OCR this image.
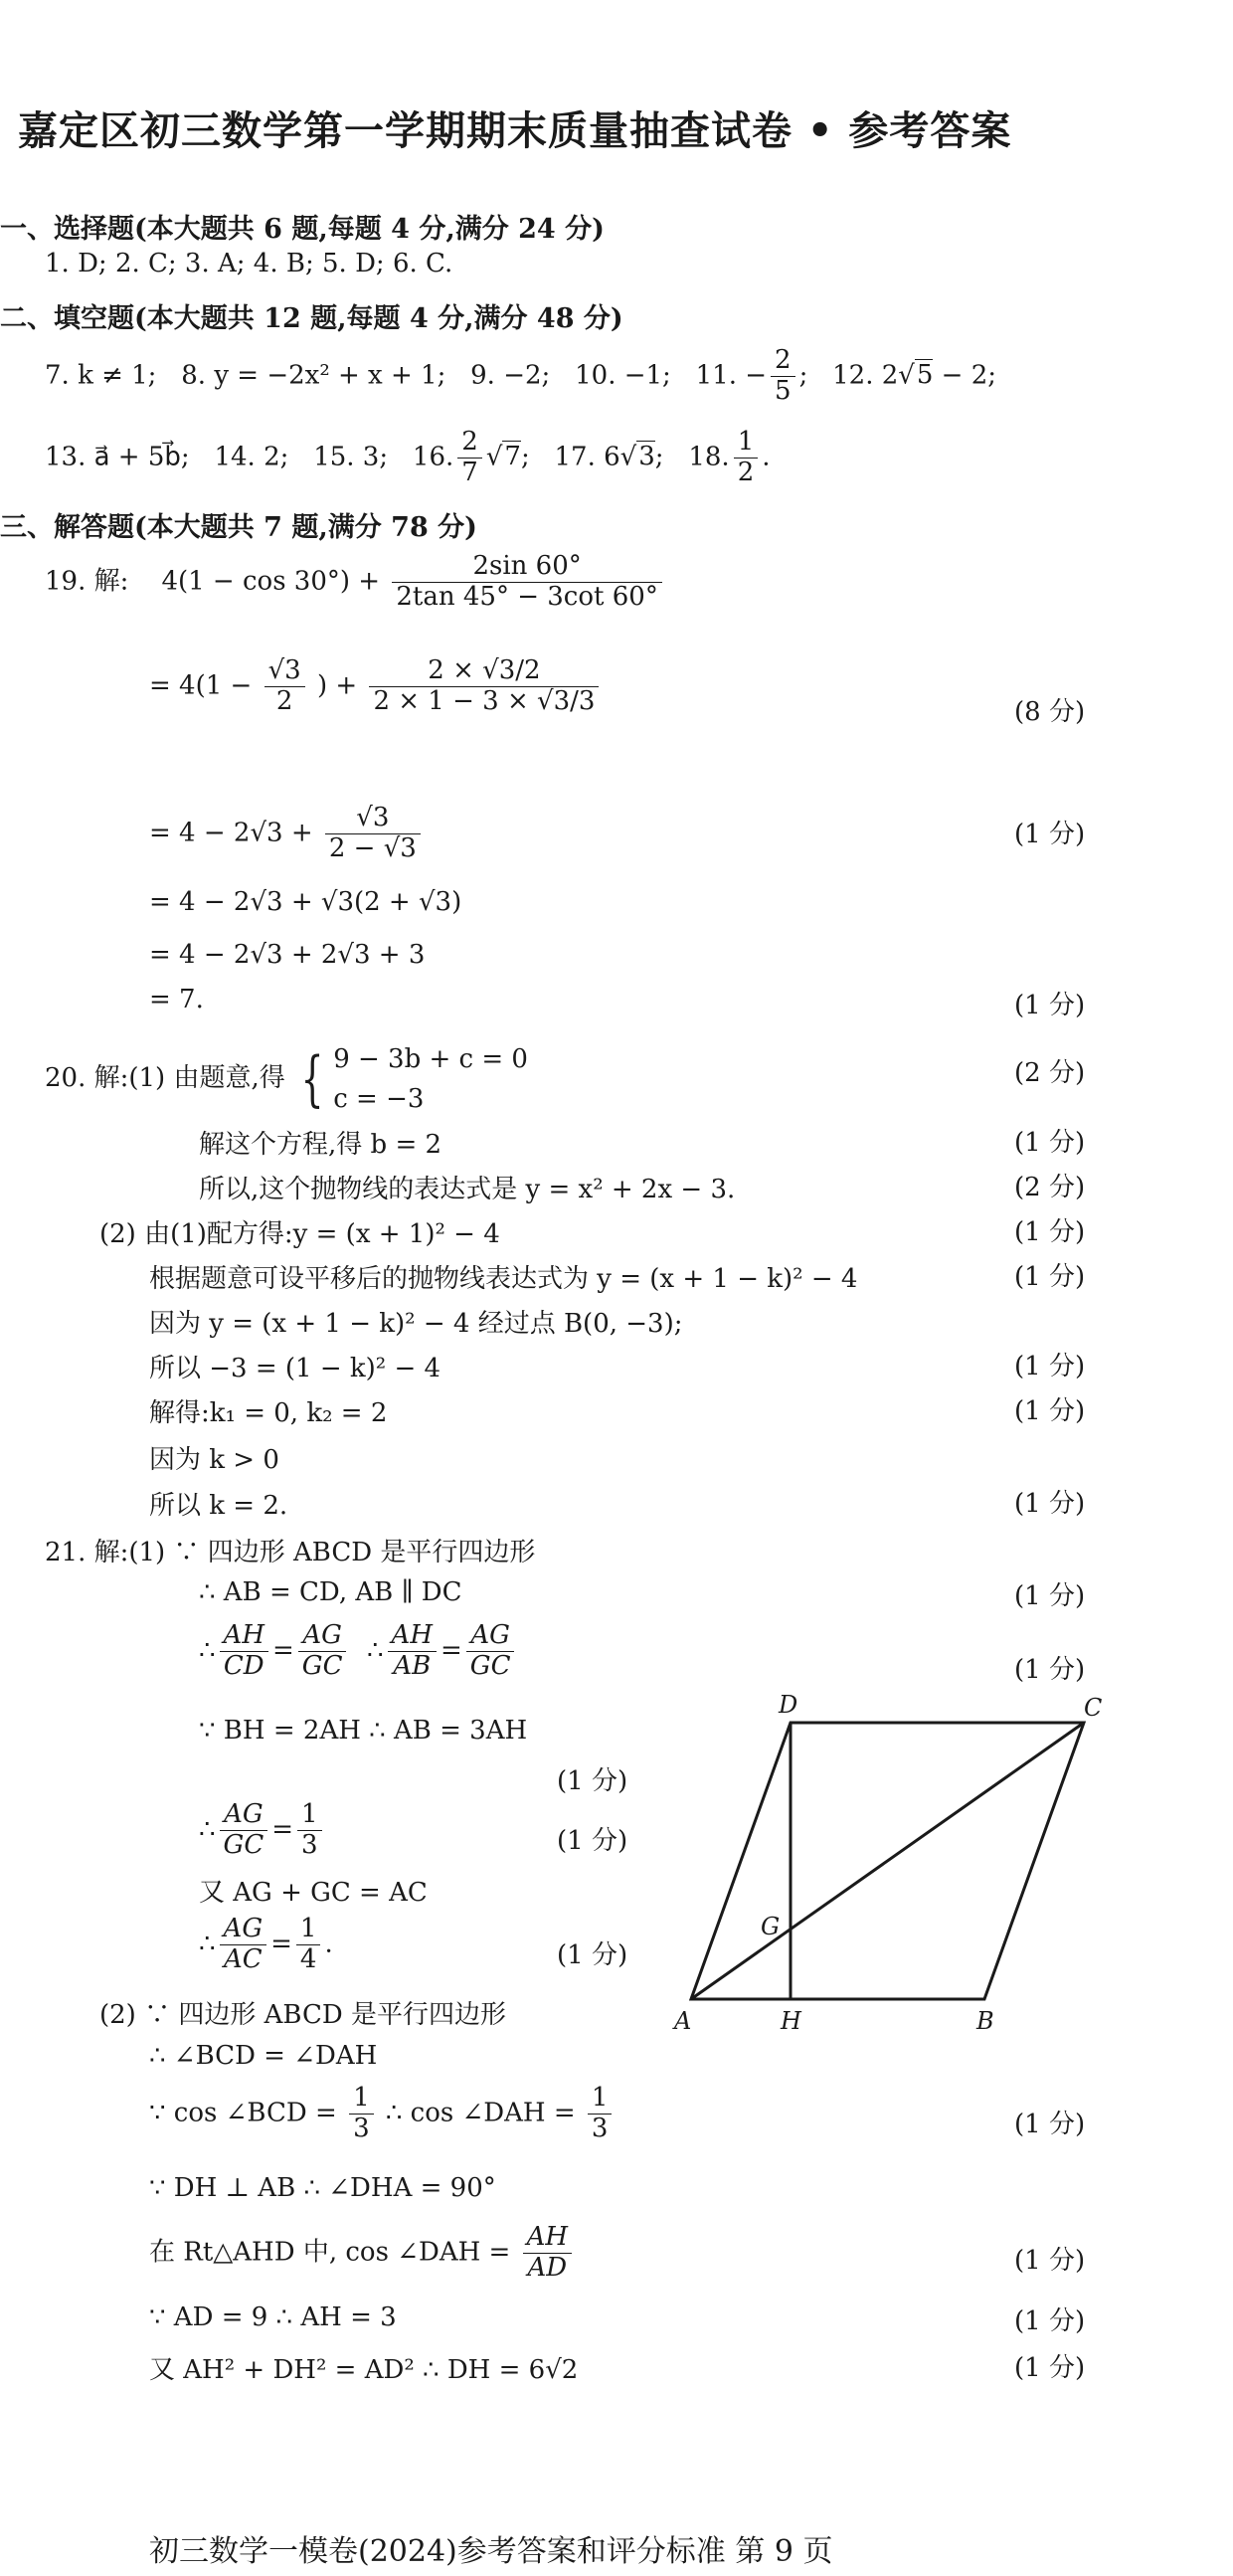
嘉定区初三数学第一学期期末质量抽查试卷 • 参考答案
一、选择题(本大题共 6 题,每题 4 分,满分 24 分)
1. D; 2. C; 3. A; 4. B; 5. D; 6. C.
二、填空题(本大题共 12 题,每题 4 分,满分 48 分)
7. k ≠ 1; 8. y = −2x² + x + 1; 9. −2; 10. −1; 11. − $\frac{2}{5}$ ; 12. 2√5 − 2;
13. a⃗ + 5b⃗; 14. 2; 15. 3; 16. $\frac{2}{7} √7$; 17. 6√3; 18. $\frac{1}{2}$ .
三、解答题(本大题共 7 题,满分 78 分)
19. 解: $4(1 - \cos 30^\circ) + \frac{2\sin 60^\circ}{2\tan 45^\circ - 3\cot 60^\circ}$
= $4(1 - \frac{√3}{2}$ ) + $\frac{2 \times √3/2}{2 \times 1 - 3 \times √3/3}$	(8 分)
= $4 - 2√3 + \frac{√3}{2 - √3}$	(1 分)
= 4 − 2√3 + √3(2 + √3)
= 4 − 2√3 + 2√3 + 3
= 7.	(1 分)
20. 解:(1) 由题意,得 { 9 − 3b + c = 0
c = −3
(2 分)
解这个方程,得 b = 2	(1 分)
所以,这个抛物线的表达式是 y = x² + 2x − 3.	(2 分)
(2) 由(1)配方得:y = (x + 1)² − 4	(1 分)
根据题意可设平移后的抛物线表达式为 y = (x + 1 − k)² − 4	(1 分)
因为 y = (x + 1 − k)² − 4 经过点 B(0, −3);
所以 −3 = (1 − k)² − 4	(1 分)
解得:k₁ = 0, k₂ = 2	(1 分)
因为 k > 0
所以 k = 2.	(1 分)
21. 解:(1) ∵ 四边形 ABCD 是平行四边形
∴ AB = CD, AB ∥ DC	(1 分)
∴ $\frac{AH}{CD} = \frac{AG}{GC}$ ∴ $\frac{AH}{AB} = \frac{AG}{GC}$	(1 分)
∵ BH = 2AH ∴ AB = 3AH
(1 分)
∴ $\frac{AG}{GC} = \frac{1}{3}$	(1 分)
又 AG + GC = AC
∴ $\frac{AG}{AC} = \frac{1}{4}$ .	(1 分)
A	H	B
C
D
G
(2) ∵ 四边形 ABCD 是平行四边形
∴ ∠BCD = ∠DAH
∵ cos ∠BCD = $\frac{1}{3}$ ∴ cos ∠DAH = $\frac{1}{3}$	(1 分)
∵ DH ⊥ AB ∴ ∠DHA = 90°
在 Rt△AHD 中, cos ∠DAH = $\frac{AH}{AD}$	(1 分)
∵ AD = 9 ∴ AH = 3	(1 分)
又 AH² + DH² = AD² ∴ DH = 6√2	(1 分)
初三数学一模卷(2024)参考答案和评分标准 第 9 页
